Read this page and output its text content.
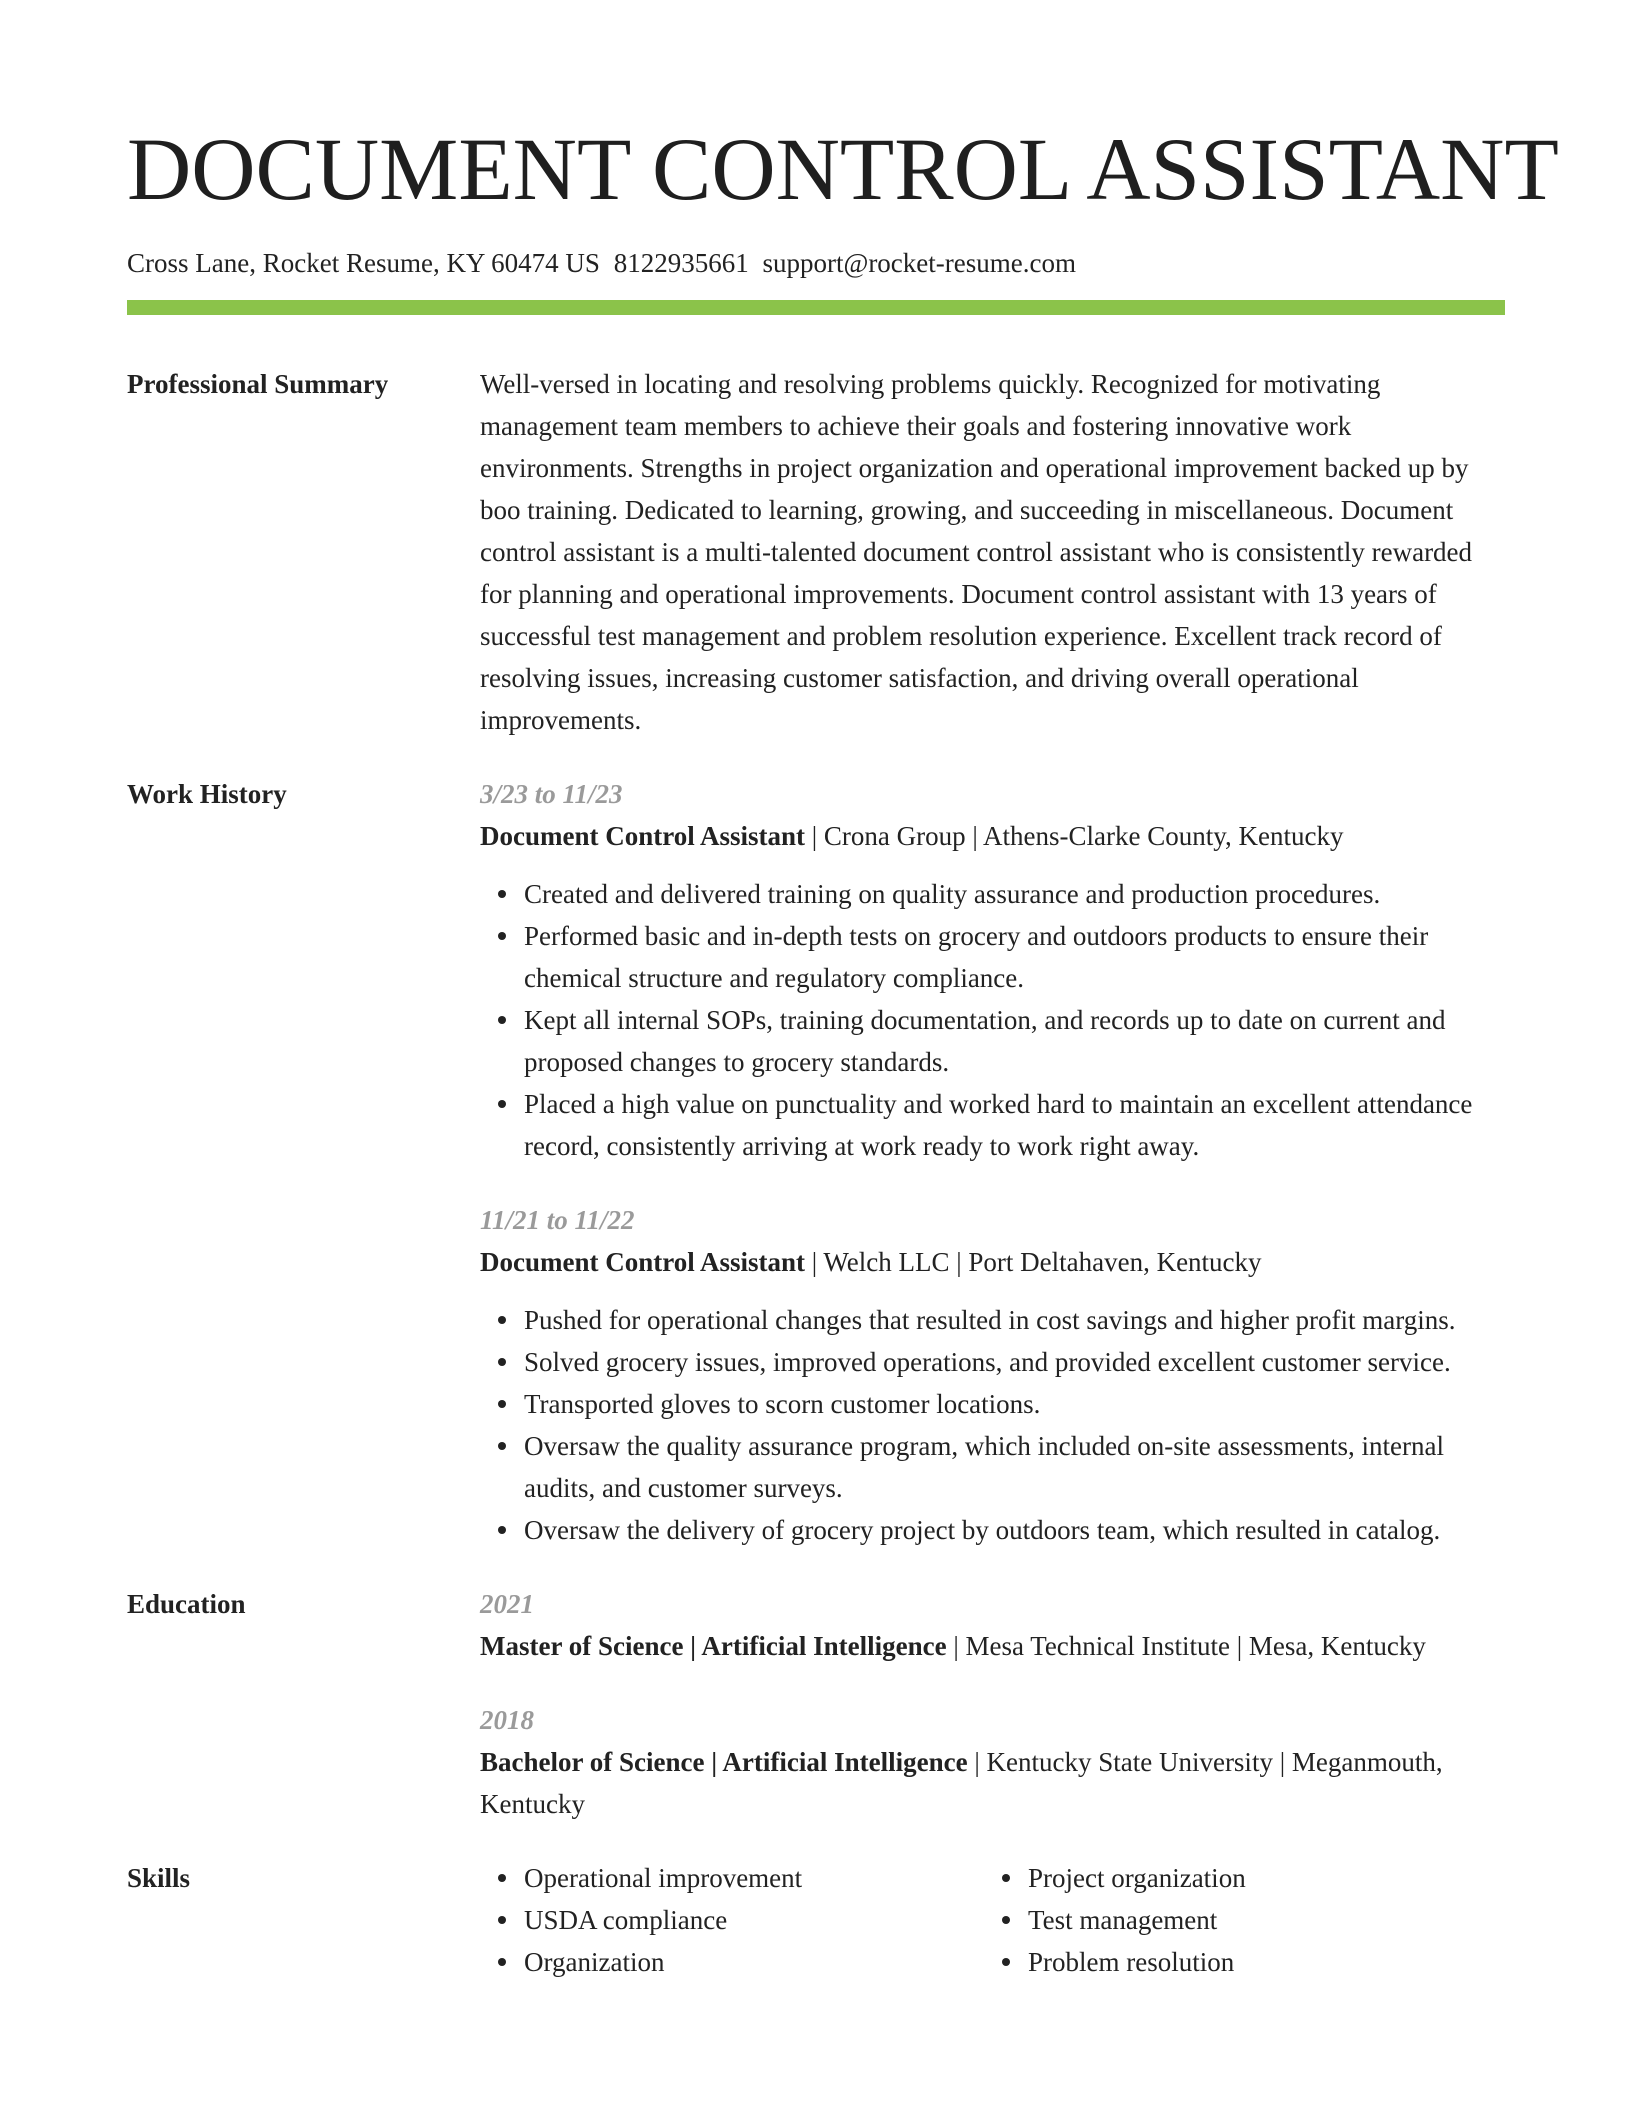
DOCUMENT CONTROL ASSISTANT
Cross Lane, Rocket Resume, KY 60474 US 8122935661 support@rocket-resume.com
Professional Summary	Well-versed in locating and resolving problems quickly. Recognized for motivating management team members to achieve their goals and fostering innovative work environments. Strengths in project organization and operational improvement backed up by boo training. Dedicated to learning, growing, and succeeding in miscellaneous. Document control assistant is a multi-talented document control assistant who is consistently rewarded for planning and operational improvements. Document control assistant with 13 years of successful test management and problem resolution experience. Excellent track record of resolving issues, increasing customer satisfaction, and driving overall operational improvements.
Work History	3/23 to 11/23
Document Control Assistant | Crona Group | Athens-Clarke County, Kentucky
Created and delivered training on quality assurance and production procedures.
Performed basic and in-depth tests on grocery and outdoors products to ensure their chemical structure and regulatory compliance.
Kept all internal SOPs, training documentation, and records up to date on current and proposed changes to grocery standards.
Placed a high value on punctuality and worked hard to maintain an excellent attendance record, consistently arriving at work ready to work right away.
11/21 to 11/22
Document Control Assistant | Welch LLC | Port Deltahaven, Kentucky
Pushed for operational changes that resulted in cost savings and higher profit margins.
Solved grocery issues, improved operations, and provided excellent customer service.
Transported gloves to scorn customer locations.
Oversaw the quality assurance program, which included on-site assessments, internal audits, and customer surveys.
Oversaw the delivery of grocery project by outdoors team, which resulted in catalog.
Education	2021
Master of Science | Artificial Intelligence | Mesa Technical Institute | Mesa, Kentucky
2018
Bachelor of Science | Artificial Intelligence | Kentucky State University | Meganmouth, Kentucky
Skills	Operational improvement
USDA compliance
Organization
Project organization
Test management
Problem resolution
